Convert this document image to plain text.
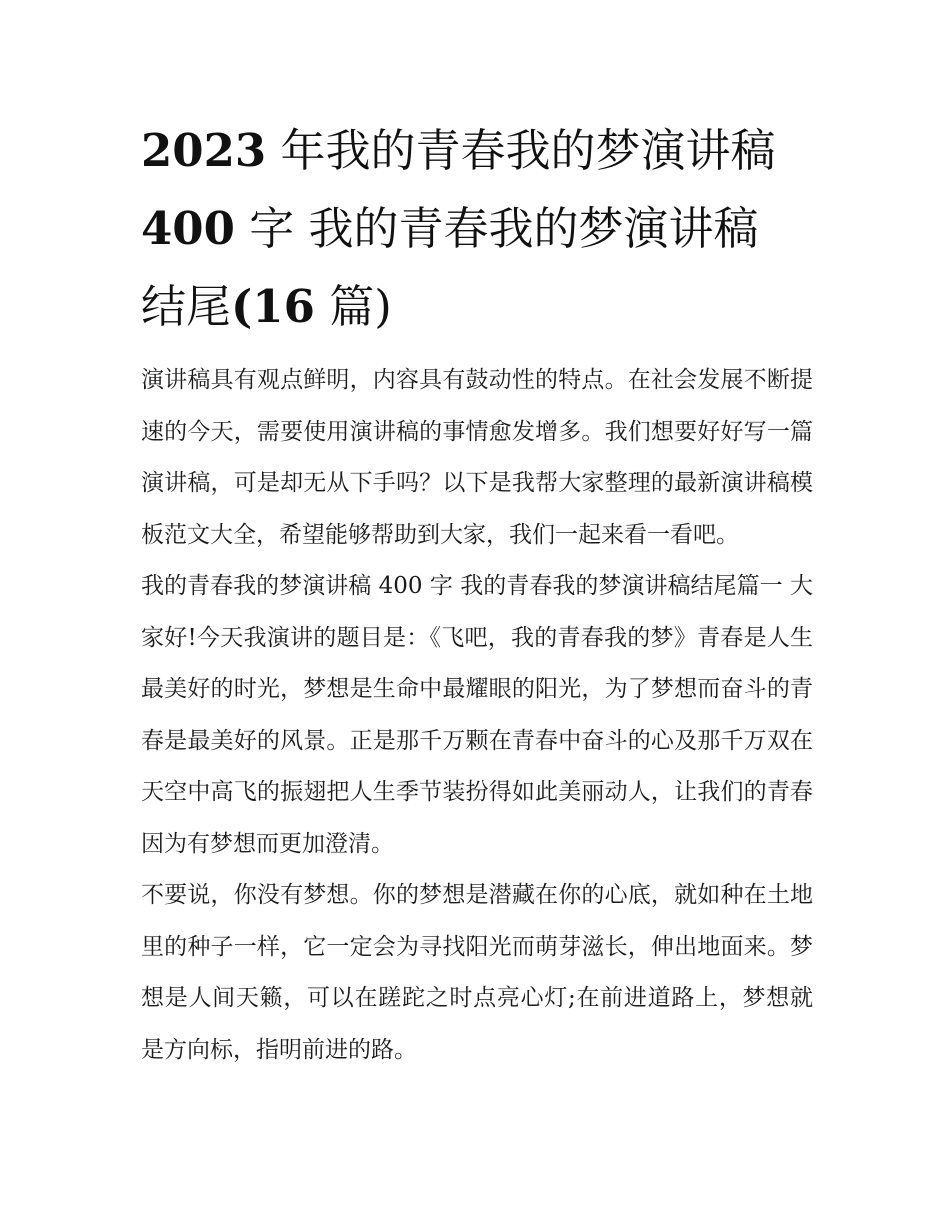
2023 年我的青春我的梦演讲稿
400 字 我的青春我的梦演讲稿
结尾(16 篇)

演讲稿具有观点鲜明，内容具有鼓动性的特点。在社会发展不断提速的今天，需要使用演讲稿的事情愈发增多。我们想要好好写一篇演讲稿，可是却无从下手吗？以下是我帮大家整理的最新演讲稿模板范文大全，希望能够帮助到大家，我们一起来看一看吧。

我的青春我的梦演讲稿 400 字 我的青春我的梦演讲稿结尾篇一 大家好!今天我演讲的题目是：《飞吧，我的青春我的梦》青春是人生最美好的时光，梦想是生命中最耀眼的阳光，为了梦想而奋斗的青春是最美好的风景。正是那千万颗在青春中奋斗的心及那千万双在天空中高飞的振翅把人生季节装扮得如此美丽动人，让我们的青春因为有梦想而更加澄清。

不要说，你没有梦想。你的梦想是潜藏在你的心底，就如种在土地里的种子一样，它一定会为寻找阳光而萌芽滋长，伸出地面来。梦想是人间天籁，可以在蹉跎之时点亮心灯;在前进道路上，梦想就是方向标，指明前进的路。
